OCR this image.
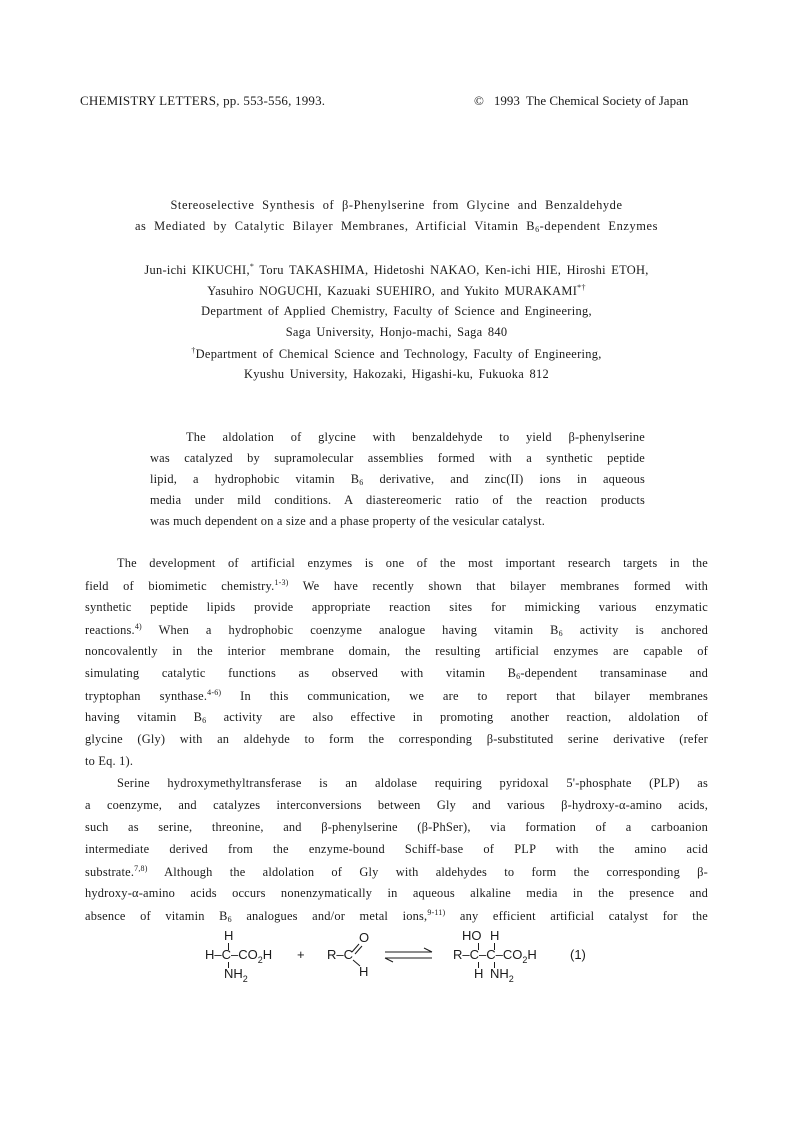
CHEMISTRY LETTERS, pp. 553-556, 1993.	© 1993 The Chemical Society of Japan
Stereoselective Synthesis of β-Phenylserine from Glycine and Benzaldehyde
as Mediated by Catalytic Bilayer Membranes, Artificial Vitamin $B_6$-dependent Enzymes
Jun-ichi KIKUCHI,* Toru TAKASHIMA, Hidetoshi NAKAO, Ken-ichi HIE, Hiroshi ETOH,
Yasuhiro NOGUCHI, Kazuaki SUEHIRO, and Yukito MURAKAMI*†
Department of Applied Chemistry, Faculty of Science and Engineering,
Saga University, Honjo-machi, Saga 840
†Department of Chemical Science and Technology, Faculty of Engineering,
Kyushu University, Hakozaki, Higashi-ku, Fukuoka 812
The aldolation of glycine with benzaldehyde to yield β-phenylserine
was catalyzed by supramolecular assemblies formed with a synthetic peptide
lipid, a hydrophobic vitamin $B_6$ derivative, and zinc(II) ions in aqueous
media under mild conditions. A diastereomeric ratio of the reaction products
was much dependent on a size and a phase property of the vesicular catalyst.
The development of artificial enzymes is one of the most important research targets in the
field of biomimetic chemistry.$^{1-3)}$ We have recently shown that bilayer membranes formed with
synthetic peptide lipids provide appropriate reaction sites for mimicking various enzymatic
reactions.$^{4)}$ When a hydrophobic coenzyme analogue having vitamin $B_6$ activity is anchored
noncovalently in the interior membrane domain, the resulting artificial enzymes are capable of
simulating catalytic functions as observed with vitamin $B_6$-dependent transaminase and
tryptophan synthase.$^{4-6)}$ In this communication, we are to report that bilayer membranes
having vitamin $B_6$ activity are also effective in promoting another reaction, aldolation of
glycine (Gly) with an aldehyde to form the corresponding β-substituted serine derivative (refer
to Eq. 1).
Serine hydroxymethyltransferase is an aldolase requiring pyridoxal 5'-phosphate (PLP) as
a coenzyme, and catalyzes interconversions between Gly and various β-hydroxy-α-amino acids,
such as serine, threonine, and β-phenylserine (β-PhSer), via formation of a carboanion
intermediate derived from the enzyme-bound Schiff-base of PLP with the amino acid
substrate.$^{7,8)}$ Although the aldolation of Gly with aldehydes to form the corresponding β-
hydroxy-α-amino acids occurs nonenzymatically in aqueous alkaline media in the presence and
absence of vitamin $B_6$ analogues and/or metal ions,$^{9-11)}$ any efficient artificial catalyst for the
H
$H-C-CO_2H$
$NH_2$
+ R–C
O
H
HO H
$R-C-C-CO_2H$
H $NH_2$
(1)
